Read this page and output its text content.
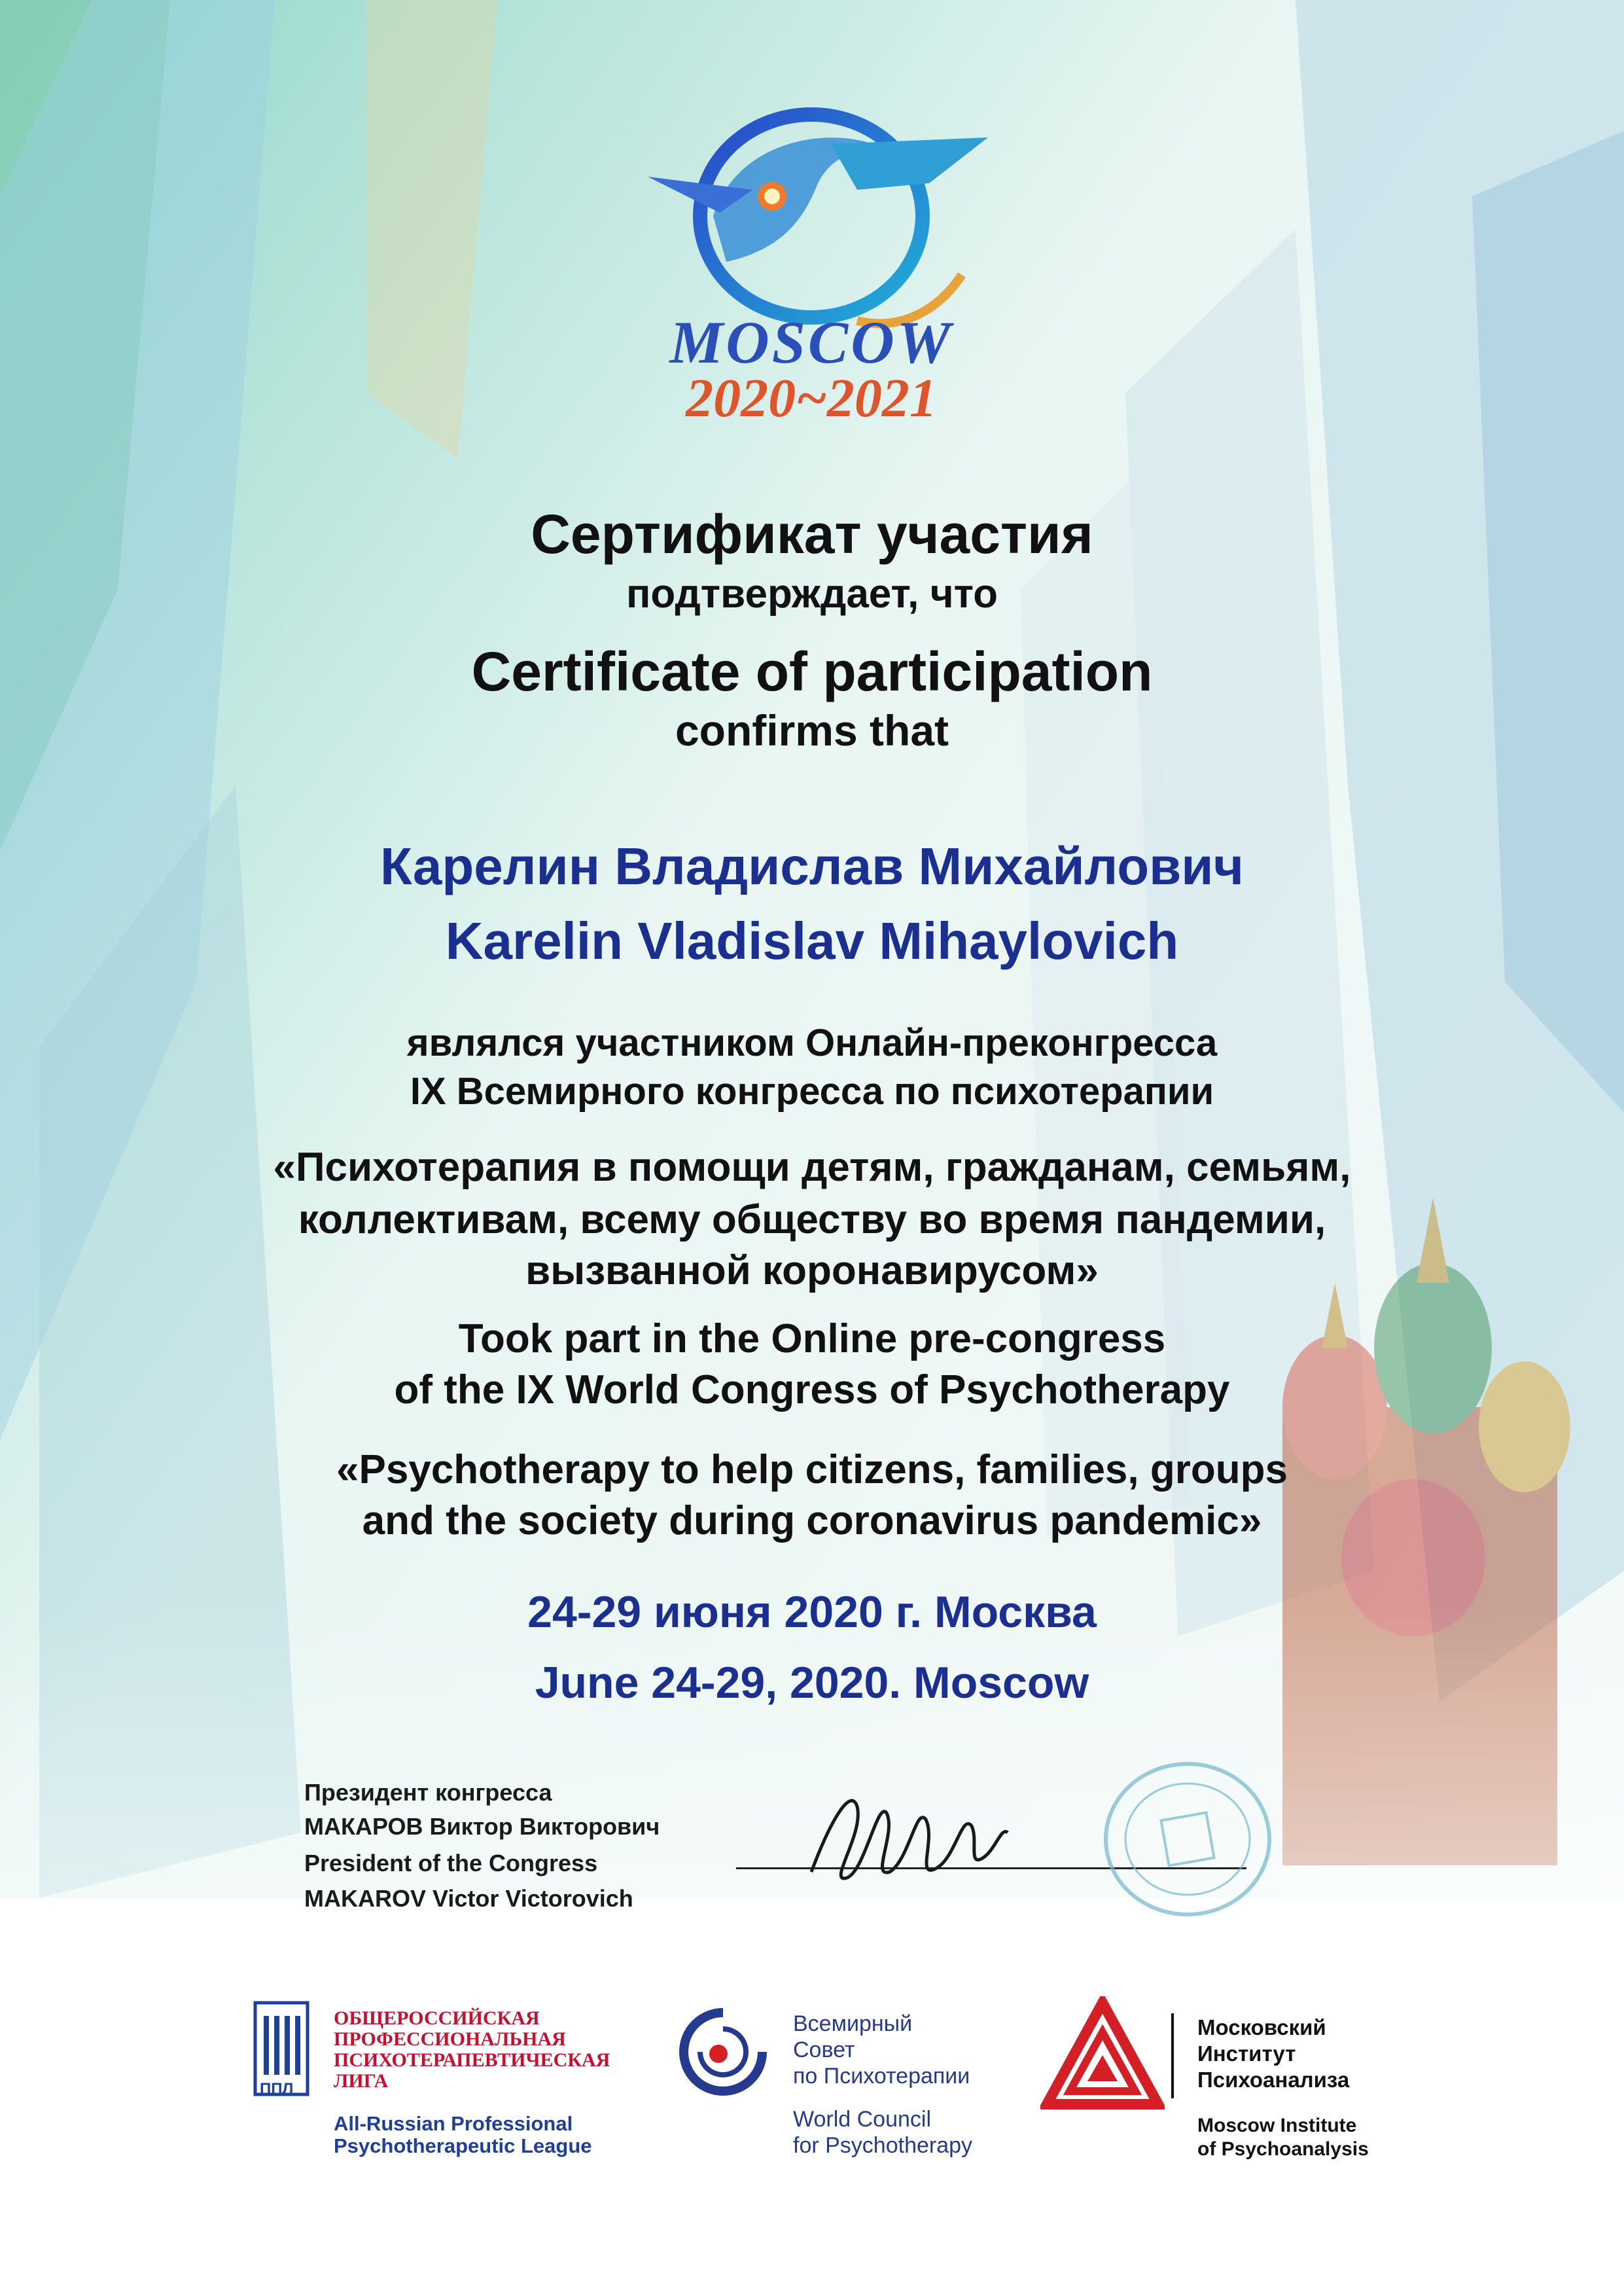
MOSCOW
2020~2021
Сертификат участия
подтверждает, что
Certificate of participation
confirms that
Карелин Владислав Михайлович
Karelin Vladislav Mihaylovich
являлся участником Онлайн-преконгресса
IX Всемирного конгресса по психотерапии
«Психотерапия в помощи детям, гражданам, семьям,
коллективам, всему обществу во время пандемии,
вызванной коронавирусом»
Took part in the Online pre-congress
of the IX World Congress of Psychotherapy
«Psychotherapy to help citizens, families, groups
and the society during coronavirus pandemic»
24-29 июня 2020 г. Москва
June 24-29, 2020. Moscow
Президент конгресса
МАКАРОВ Виктор Викторович
President of the Congress
MAKAROV Victor Victorovich
ППЛ
ОБЩЕРОССИЙСКАЯ
ПРОФЕССИОНАЛЬНАЯ
ПСИХОТЕРАПЕВТИЧЕСКАЯ
ЛИГА
All-Russian Professional
Psychotherapeutic League
Всемирный
Совет
по Психотерапии
World Council
for Psychotherapy
Московский
Институт
Психоанализа
Moscow Institute
of Psychoanalysis
